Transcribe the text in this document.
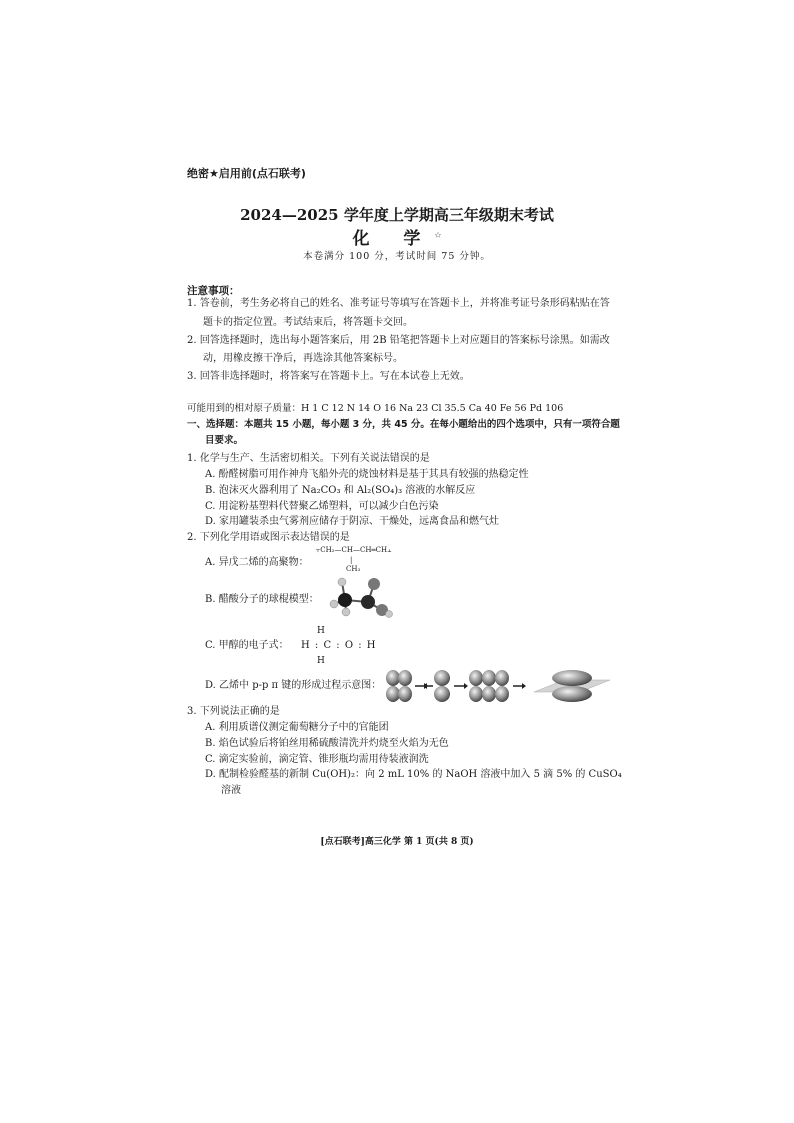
绝密★启用前(点石联考)
2024—2025 学年度上学期高三年级期末考试
化 学☆
本卷满分 100 分，考试时间 75 分钟。
注意事项：
1. 答卷前，考生务必将自己的姓名、准考证号等填写在答题卡上，并将准考证号条形码粘贴在答
题卡的指定位置。考试结束后，将答题卡交回。
2. 回答选择题时，选出每小题答案后，用 2B 铅笔把答题卡上对应题目的答案标号涂黑。如需改
动，用橡皮擦干净后，再选涂其他答案标号。
3. 回答非选择题时，将答案写在答题卡上。写在本试卷上无效。
可能用到的相对原子质量：H 1 C 12 N 14 O 16 Na 23 Cl 35.5 Ca 40 Fe 56 Pd 106
一、选择题：本题共 15 小题，每小题 3 分，共 45 分。在每小题给出的四个选项中，只有一项符合题
目要求。
1. 化学与生产、生活密切相关。下列有关说法错误的是
A. 酚醛树脂可用作神舟飞船外壳的烧蚀材料是基于其具有较强的热稳定性
B. 泡沫灭火器利用了 Na₂CO₃ 和 Al₂(SO₄)₃ 溶液的水解反应
C. 用淀粉基塑料代替聚乙烯塑料，可以减少白色污染
D. 家用罐装杀虫气雾剂应储存于阴凉、干燥处，远离食品和燃气灶
2. 下列化学用语或图示表达错误的是
A. 异戊二烯的高聚物：
⫟CH₂—CH—CH═CH⫠
|
CH₃
B. 醋酸分子的球棍模型：
C. 甲醇的电子式：
H
H : C : O : H
H
D. 乙烯中 p-p π 键的形成过程示意图：
3. 下列说法正确的是
A. 利用质谱仪测定葡萄糖分子中的官能团
B. 焰色试验后将铂丝用稀硫酸清洗并灼烧至火焰为无色
C. 滴定实验前，滴定管、锥形瓶均需用待装液润洗
D. 配制检验醛基的新制 Cu(OH)₂：向 2 mL 10% 的 NaOH 溶液中加入 5 滴 5% 的 CuSO₄
溶液
[点石联考]高三化学 第 1 页(共 8 页)
